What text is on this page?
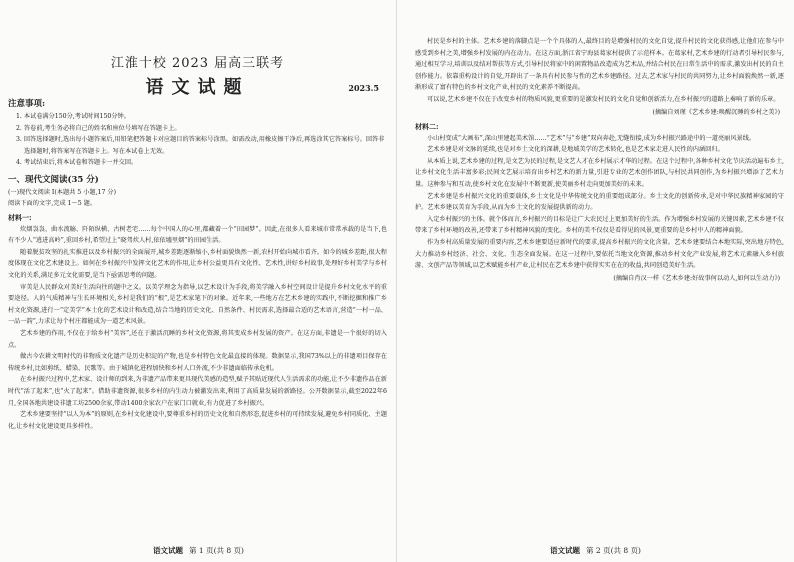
江淮十校 2023 届高三联考

语文试题	2023.5
注意事项:

1. 本试卷满分150分,考试时间150分钟。

2. 答卷前,考生务必将自己的姓名和座位号填写在答题卡上。

3. 回答选择题时,选出每小题答案后,用铅笔把答题卡对应题目的答案标号涂黑。如需改动,用橡皮擦干净后,再选涂其它答案标号。回答非选择题时,将答案写在答题卡上。写在本试卷上无效。

4. 考试结束后,将本试卷和答题卡一并交回。

一、现代文阅读(35 分)

(一)现代文阅读 I(本题共 5 小题,17 分)

阅读下面的文字,完成 1～5 题。

材料一:

炊烟袅袅、曲水流觞、阡陌纵横、古树老宅……每个中国人的心里,都藏着一个“田园梦”。因此,在很多人看来城市常常承载的是当下,也有不少人“逃进高岭”,重回乡村,希望过上“晓驾炊人村,依依墟里烟”的田园生活。

随着脱贫攻坚的扎实推进以及乡村振兴的全面展开,城乡差距逐渐缩小,乡村面貌焕然一新,农村开始向城市看齐。如今的城乡差距,很大程度体现在文化艺术建设上。如何在乡村振兴中发挥文化艺术的作用,让乡村公益更具有文化性、艺术性,讲好乡村故事,处理好乡村美学与乡村文化的关系,满足多元文化需要,是当下亟需思考的问题。

审美是人民群众对美好生活向往的题中之义。以美学理念为指导,以艺术设计为手段,将美学融入乡村空间设计是提升乡村文化水平的重要途径。人的气质精神与生长环境相关,乡村是我们的“根”,是艺术家笔下的对象。近年来,一些地方在艺术乡建的实践中,不断挖掘和推广乡村文化资源,进行一“定美学”本土化的艺术设计和改造,结合当地的历史文化、自然条件、村民需求,选择最合适的艺术语言,营造“一村一品、一品一韵”,力求让每个村庄都能成为一道艺术风景。

艺术乡建的作用,不仅在于给乡村“美容”,还在于激活沉睡的乡村文化资源,将其变成乡村发展的资产。在这方面,非遗是一个很好的切入点。

做古今农耕文明时代的非物质文化遗产是历史积淀的产物,也是乡村特色文化最直接的体现。数据显示,我国73%以上的非遗项目保存在传统乡村,比如剪纸、蜡染、民歌等。由于城镇化进程加快和乡村人口外流,不少非遗面临传承危机。

在乡村振兴过程中,艺术家、设计师的到来,为非遗产品带来更具现代美感的造型,赋予其贴近现代人生活需求的功能,让不少非遗作品在新时代“活了起来”,也“火了起来”。借助非遗资源,很多乡村的内生动力被激发出来,利用了高质量发展的新路径。公开数据显示,截至2022年6月,全国各地共建设非遗工坊2500余家,带动1400余家农户在家门口就业,有力促进了乡村振兴。

艺术乡建要坚持“以人为本”的原则,在乡村文化建设中,要尊重乡村的历史文化和自然形态,促进乡村的可持续发展,避免乡村同质化、主题化,让乡村文化建设更具多样性。

语文试题 第 1 页(共 8 页)

村民是乡村的主体。艺术乡建的落脚点是一个个具体的人,最终目的是增强村民的文化自觉,提升村民的文化获得感,让他们在参与中感受到乡村之美,增强乡村发展的内在动力。在这方面,浙江省宁海县葛家村提供了示范样本。在葛家村,艺术乡建的行动者引导村民参与,通过相互学习,培训以及结对帮扶等方式,引导村民将家中的闲置物品改造成为艺术品,并结合村民在日常生活中的需求,激发出村民的自主创作能力。依靠重构设计的自觉,开辟出了一条具有村民参与性的艺术乡建路径。过去,艺术家与村民的共同努力,让乡村面貌焕然一新,逐渐形成了富有特色的乡村文化产业,村民的文化素养不断提高。

可以说,艺术乡建不仅在于改变乡村的物质风貌,更重要的是激发村民的文化自觉和创新活力,在乡村振兴的道路上奏响了新的乐章。

(摘编自刘瑾《艺术乡建:唤醒沉睡的乡村之美》)

材料二:

小山村变成“大画布”,深山里建起美术馆……“艺术”与“乡建”双向奔赴,无缝衔接,成为乡村振兴路途中的一道亮丽风景线。

艺术乡建是对文脉的延续,也是对乡土文化的深耕,是地域美学的艺术转化,也是艺术家走进人民性的内涵回归。

从本质上说,艺术乡建的过程,是文艺为民的过程,是文艺人才在乡村展示才华的过程。在这个过程中,各种乡村文化节庆活动遍布乡土,让乡村文化生活丰富多彩;民间文艺展示培育出乡村艺术的新力量,引进专业的艺术创作团队,与村民共同创作,为乡村振兴增添了艺术力量。这种参与和互动,使乡村文化在发展中不断更新,使美丽乡村走向更加美好的未来。

艺术乡建是乡村振兴文化的重要载体,乡土文化是中华传统文化的重要组成部分。乡土文化的创新传承,是对中华民族精神家园的守护。艺术乡建以美育为手段,从而为乡土文化的发展提供新的动力。

入定乡村振兴的主体。就个体而言,乡村振兴的目标是让广大农民过上更加美好的生活。作为增强乡村发展的关键因素,艺术乡建不仅带来了乡村环境的改善,还带来了乡村精神风貌的变化。乡村的美不仅仅是看得见的风景,更重要的是乡村中人的精神面貌。

作为乡村高质量发展的重要内容,艺术乡建要适应新时代的要求,提高乡村振兴的文化含量。艺术乡建要结合本地实际,突出地方特色,大力推动乡村经济、社会、文化、生态全面发展。在这一过程中,要依托当地文化资源,推动乡村文化产业发展,将艺术元素融入乡村旅游、文创产品等领域,以艺术赋能乡村产业,让村民在艺术乡建中获得实实在在的收益,共同创造美好生活。

(摘编自肖汉一样《艺术乡建:好故事何以动人,如何以生动力》)

语文试题 第 2 页(共 8 页)
